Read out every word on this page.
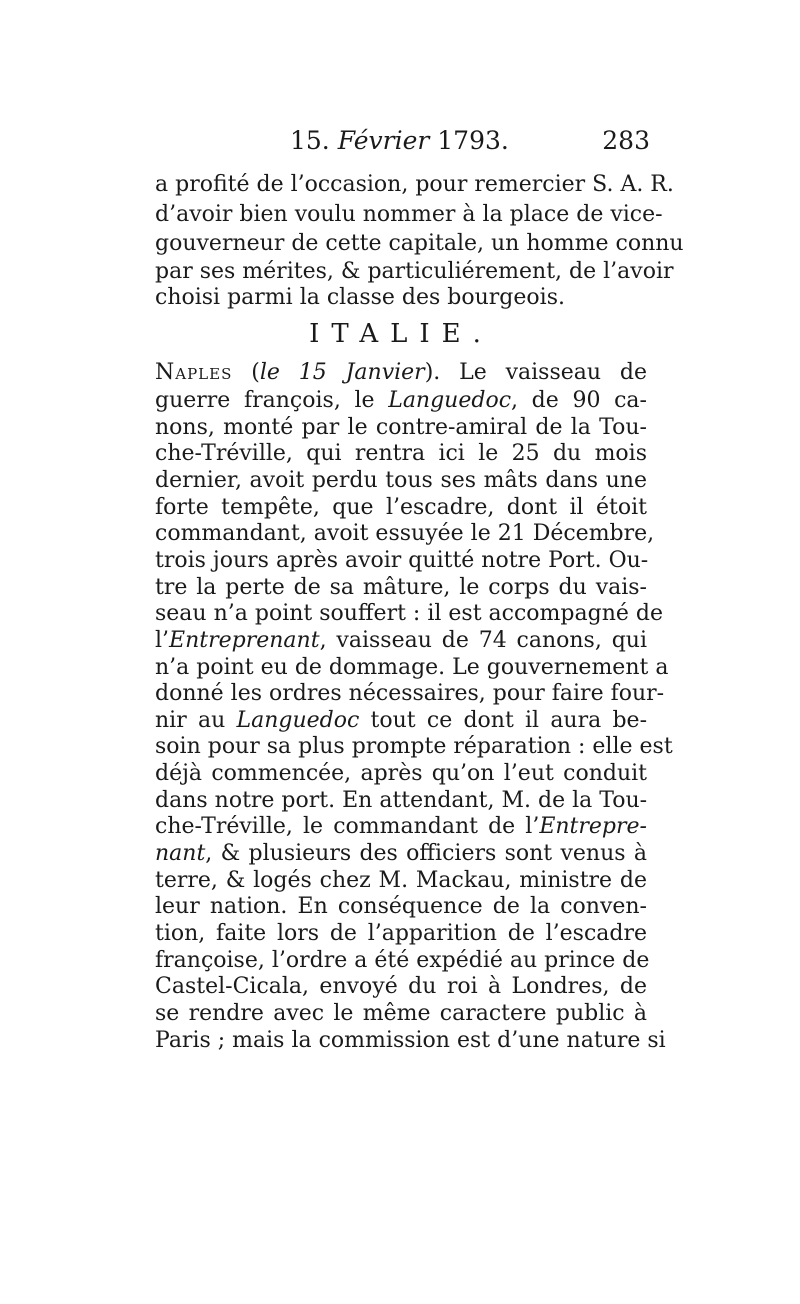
15. Février 1793.	283
a profité de l’occasion, pour remercier S. A. R.
d’avoir bien voulu nommer à la place de vice-
gouverneur de cette capitale, un homme connu
par ses mérites, & particuliérement, de l’avoir
choisi parmi la classe des bourgeois.
ITALIE.
Naples (le 15 Janvier). Le vaisseau de
guerre françois, le Languedoc, de 90 ca-
nons, monté par le contre-amiral de la Tou-
che-Tréville, qui rentra ici le 25 du mois
dernier, avoit perdu tous ses mâts dans une
forte tempête, que l’escadre, dont il étoit
commandant, avoit essuyée le 21 Décembre,
trois jours après avoir quitté notre Port. Ou-
tre la perte de sa mâture, le corps du vais-
seau n’a point souffert : il est accompagné de
l’Entreprenant, vaisseau de 74 canons, qui
n’a point eu de dommage. Le gouvernement a
donné les ordres nécessaires, pour faire four-
nir au Languedoc tout ce dont il aura be-
soin pour sa plus prompte réparation : elle est
déjà commencée, après qu’on l’eut conduit
dans notre port. En attendant, M. de la Tou-
che-Tréville, le commandant de l’Entrepre-
nant, & plusieurs des officiers sont venus à
terre, & logés chez M. Mackau, ministre de
leur nation. En conséquence de la conven-
tion, faite lors de l’apparition de l’escadre
françoise, l’ordre a été expédié au prince de
Castel-Cicala, envoyé du roi à Londres, de
se rendre avec le même caractere public à
Paris ; mais la commission est d’une nature si
